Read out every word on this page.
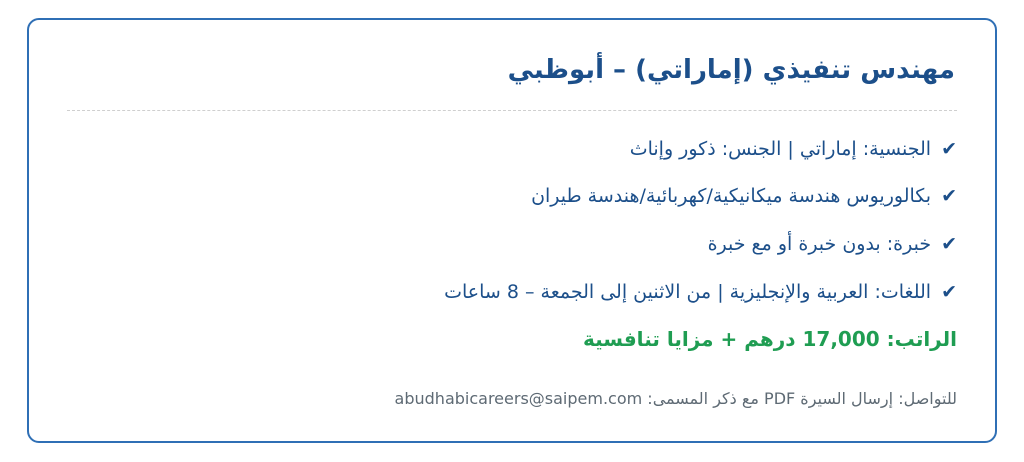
مهندس تنفيذي (إماراتي) – أبوظبي
✔
الجنسية: إماراتي | الجنس: ذكور وإناث
✔
بكالوريوس هندسة ميكانيكية/كهربائية/هندسة طيران
✔
خبرة: بدون خبرة أو مع خبرة
✔
اللغات: العربية والإنجليزية | من الاثنين إلى الجمعة – 8 ساعات
الراتب: 17,000 درهم + مزايا تنافسية
للتواصل: إرسال السيرة PDF مع ذكر المسمى: abudhabicareers@saipem.com
